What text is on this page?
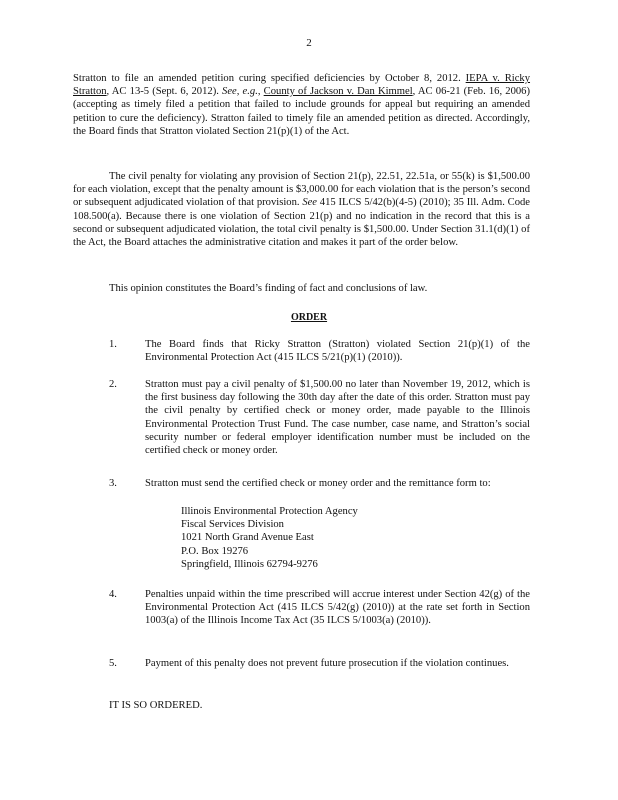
2

Stratton to file an amended petition curing specified deficiencies by October 8, 2012. IEPA v. Ricky Stratton, AC 13-5 (Sept. 6, 2012). See, e.g., County of Jackson v. Dan Kimmel, AC 06-21 (Feb. 16, 2006) (accepting as timely filed a petition that failed to include grounds for appeal but requiring an amended petition to cure the deficiency). Stratton failed to timely file an amended petition as directed. Accordingly, the Board finds that Stratton violated Section 21(p)(1) of the Act.

The civil penalty for violating any provision of Section 21(p), 22.51, 22.51a, or 55(k) is $1,500.00 for each violation, except that the penalty amount is $3,000.00 for each violation that is the person’s second or subsequent adjudicated violation of that provision. See 415 ILCS 5/42(b)(4-5) (2010); 35 Ill. Adm. Code 108.500(a). Because there is one violation of Section 21(p) and no indication in the record that this is a second or subsequent adjudicated violation, the total civil penalty is $1,500.00. Under Section 31.1(d)(1) of the Act, the Board attaches the administrative citation and makes it part of the order below.

This opinion constitutes the Board’s finding of fact and conclusions of law.

ORDER
1.	The Board finds that Ricky Stratton (Stratton) violated Section 21(p)(1) of the Environmental Protection Act (415 ILCS 5/21(p)(1) (2010)).

2.	Stratton must pay a civil penalty of $1,500.00 no later than November 19, 2012, which is the first business day following the 30th day after the date of this order. Stratton must pay the civil penalty by certified check or money order, made payable to the Illinois Environmental Protection Trust Fund. The case number, case name, and Stratton’s social security number or federal employer identification number must be included on the certified check or money order.

3.	Stratton must send the certified check or money order and the remittance form to:

Illinois Environmental Protection Agency
Fiscal Services Division
1021 North Grand Avenue East
P.O. Box 19276
Springfield, Illinois 62794-9276
4.	Penalties unpaid within the time prescribed will accrue interest under Section 42(g) of the Environmental Protection Act (415 ILCS 5/42(g) (2010)) at the rate set forth in Section 1003(a) of the Illinois Income Tax Act (35 ILCS 5/1003(a) (2010)).

5.	Payment of this penalty does not prevent future prosecution if the violation continues.

IT IS SO ORDERED.
